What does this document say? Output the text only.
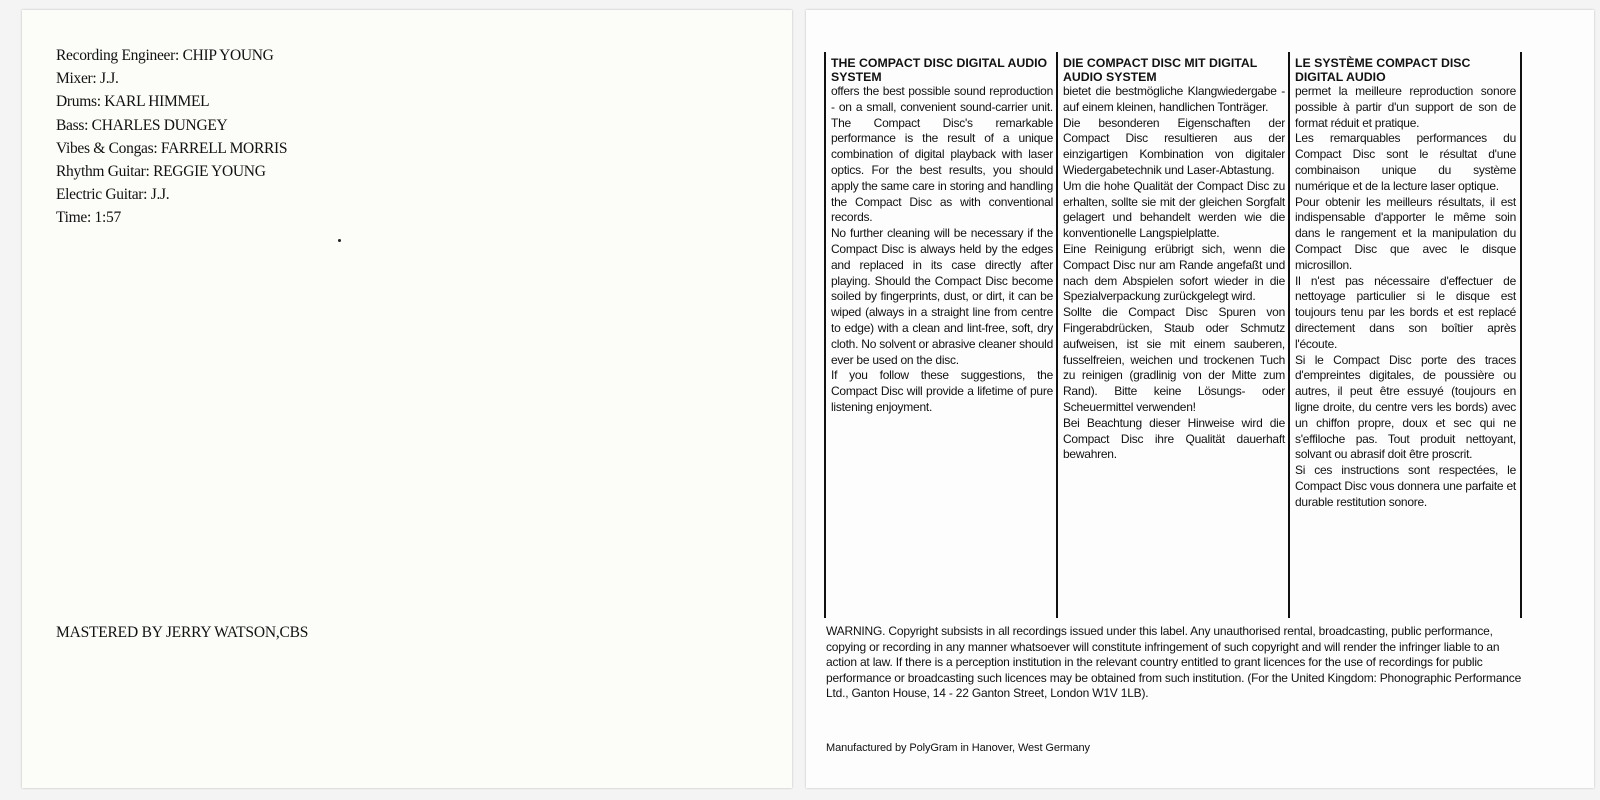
Recording Engineer: CHIP YOUNG
Mixer: J.J.
Drums: KARL HIMMEL
Bass: CHARLES DUNGEY
Vibes & Congas: FARRELL MORRIS
Rhythm Guitar: REGGIE YOUNG
Electric Guitar: J.J.
Time: 1:57
MASTERED BY JERRY WATSON,CBS
THE COMPACT DISC DIGITAL AUDIO SYSTEM

offers the best possible sound reproduction - on a small, convenient sound-carrier unit. The Compact Disc's remarkable performance is the result of a unique combination of digital playback with laser optics. For the best results, you should apply the same care in storing and handling the Compact Disc as with conventional records.

No further cleaning will be necessary if the Compact Disc is always held by the edges and replaced in its case directly after playing. Should the Compact Disc become soiled by fingerprints, dust, or dirt, it can be wiped (always in a straight line from centre to edge) with a clean and lint-free, soft, dry cloth. No solvent or abrasive cleaner should ever be used on the disc.

If you follow these suggestions, the Compact Disc will provide a lifetime of pure listening enjoyment.

DIE COMPACT DISC MIT DIGITAL AUDIO SYSTEM

bietet die bestmögliche Klangwiedergabe - auf einem kleinen, handlichen Tonträger.

Die besonderen Eigenschaften der Compact Disc resultieren aus der einzigartigen Kombination von digitaler Wiedergabetechnik und Laser-Abtastung.

Um die hohe Qualität der Compact Disc zu erhalten, sollte sie mit der gleichen Sorgfalt gelagert und behandelt werden wie die konventionelle Langspielplatte.

Eine Reinigung erübrigt sich, wenn die Compact Disc nur am Rande angefaßt und nach dem Abspielen sofort wieder in die Spezialverpackung zurückgelegt wird.

Sollte die Compact Disc Spuren von Fingerabdrücken, Staub oder Schmutz aufweisen, ist sie mit einem sauberen, fusselfreien, weichen und trockenen Tuch zu reinigen (gradlinig von der Mitte zum Rand). Bitte keine Lösungs- oder Scheuermittel verwenden!

Bei Beachtung dieser Hinweise wird die Compact Disc ihre Qualität dauerhaft bewahren.

LE SYSTÈME COMPACT DISC DIGITAL AUDIO

permet la meilleure reproduction sonore possible à partir d'un support de son de format réduit et pratique.

Les remarquables performances du Compact Disc sont le résultat d'une combinaison unique du système numérique et de la lecture laser optique.

Pour obtenir les meilleurs résultats, il est indispensable d'apporter le même soin dans le rangement et la manipulation du Compact Disc que avec le disque microsillon.

Il n'est pas nécessaire d'effectuer de nettoyage particulier si le disque est toujours tenu par les bords et est replacé directement dans son boîtier après l'écoute.

Si le Compact Disc porte des traces d'empreintes digitales, de poussière ou autres, il peut être essuyé (toujours en ligne droite, du centre vers les bords) avec un chiffon propre, doux et sec qui ne s'effiloche pas. Tout produit nettoyant, solvant ou abrasif doit être proscrit.

Si ces instructions sont respectées, le Compact Disc vous donnera une parfaite et durable restitution sonore.

WARNING. Copyright subsists in all recordings issued under this label. Any unauthorised rental, broadcasting, public performance, copying or recording in any manner whatsoever will constitute infringement of such copyright and will render the infringer liable to an action at law. If there is a perception institution in the relevant country entitled to grant licences for the use of recordings for public performance or broadcasting such licences may be obtained from such institution. (For the United Kingdom: Phonographic Performance Ltd., Ganton House, 14 - 22 Ganton Street, London W1V 1LB).

Manufactured by PolyGram in Hanover, West Germany
